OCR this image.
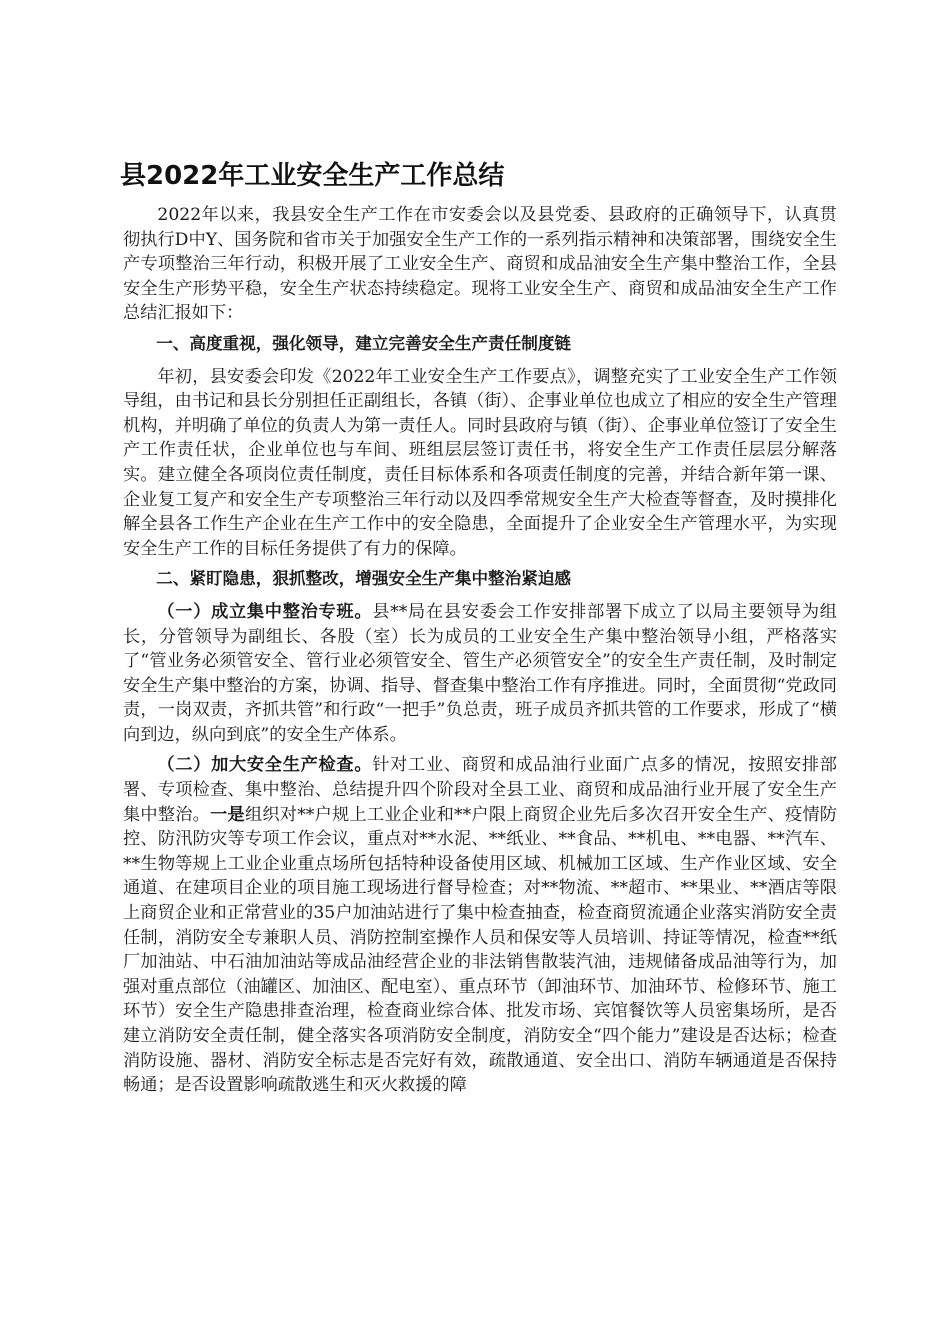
县2022年工业安全生产工作总结

2022年以来，我县安全生产工作在市安委会以及县党委、县政府的正确领导下，认真贯彻执行D中Y、国务院和省市关于加强安全生产工作的一系列指示精神和决策部署，围绕安全生产专项整治三年行动，积极开展了工业安全生产、商贸和成品油安全生产集中整治工作，全县安全生产形势平稳，安全生产状态持续稳定。现将工业安全生产、商贸和成品油安全生产工作总结汇报如下：

一、高度重视，强化领导，建立完善安全生产责任制度链

年初，县安委会印发《2022年工业安全生产工作要点》，调整充实了工业安全生产工作领导组，由书记和县长分别担任正副组长，各镇（街）、企事业单位也成立了相应的安全生产管理机构，并明确了单位的负责人为第一责任人。同时县政府与镇（街）、企事业单位签订了安全生产工作责任状，企业单位也与车间、班组层层签订责任书，将安全生产工作责任层层分解落实。建立健全各项岗位责任制度，责任目标体系和各项责任制度的完善，并结合新年第一课、企业复工复产和安全生产专项整治三年行动以及四季常规安全生产大检查等督查，及时摸排化解全县各工作生产企业在生产工作中的安全隐患，全面提升了企业安全生产管理水平，为实现安全生产工作的目标任务提供了有力的保障。

二、紧盯隐患，狠抓整改，增强安全生产集中整治紧迫感

（一）成立集中整治专班。县**局在县安委会工作安排部署下成立了以局主要领导为组长，分管领导为副组长、各股（室）长为成员的工业安全生产集中整治领导小组，严格落实了“管业务必须管安全、管行业必须管安全、管生产必须管安全”的安全生产责任制，及时制定安全生产集中整治的方案，协调、指导、督查集中整治工作有序推进。同时，全面贯彻“党政同责，一岗双责，齐抓共管”和行政“一把手”负总责，班子成员齐抓共管的工作要求，形成了“横向到边，纵向到底”的安全生产体系。

（二）加大安全生产检查。针对工业、商贸和成品油行业面广点多的情况，按照安排部署、专项检查、集中整治、总结提升四个阶段对全县工业、商贸和成品油行业开展了安全生产集中整治。一是组织对**户规上工业企业和**户限上商贸企业先后多次召开安全生产、疫情防控、防汛防灾等专项工作会议，重点对**水泥、**纸业、**食品、**机电、**电器、**汽车、**生物等规上工业企业重点场所包括特种设备使用区域、机械加工区域、生产作业区域、安全通道、在建项目企业的项目施工现场进行督导检查；对**物流、**超市、**果业、**酒店等限上商贸企业和正常营业的35户加油站进行了集中检查抽查，检查商贸流通企业落实消防安全责任制，消防安全专兼职人员、消防控制室操作人员和保安等人员培训、持证等情况，检查**纸厂加油站、中石油加油站等成品油经营企业的非法销售散装汽油，违规储备成品油等行为，加强对重点部位（油罐区、加油区、配电室）、重点环节（卸油环节、加油环节、检修环节、施工环节）安全生产隐患排查治理，检查商业综合体、批发市场、宾馆餐饮等人员密集场所，是否建立消防安全责任制，健全落实各项消防安全制度，消防安全“四个能力”建设是否达标；检查消防设施、器材、消防安全标志是否完好有效，疏散通道、安全出口、消防车辆通道是否保持畅通；是否设置影响疏散逃生和灭火救援的障
